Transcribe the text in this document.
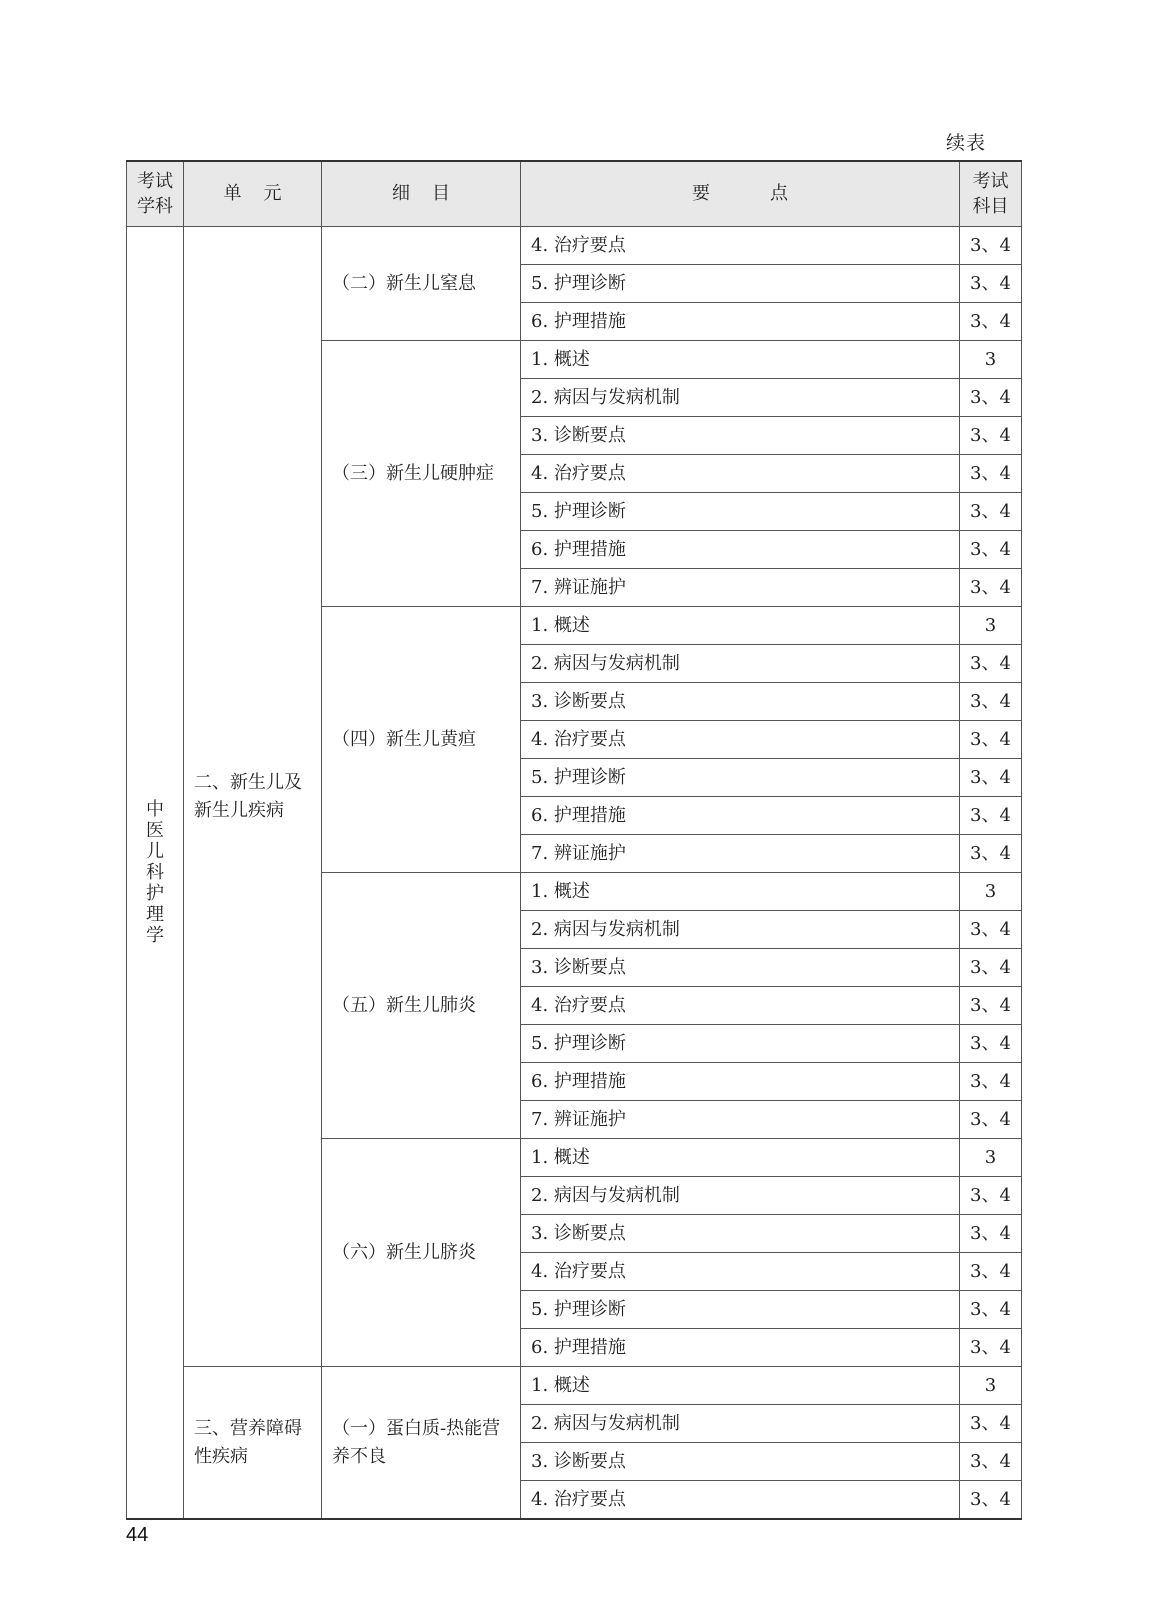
续表
考试学科	单元	细目	要点	考试科目
中医儿科护理学	二、新生儿及新生儿疾病	（二）新生儿窒息	4. 治疗要点	3、4
			5. 护理诊断	3、4
			6. 护理措施	3、4
		（三）新生儿硬肿症	1. 概述	3
			2. 病因与发病机制	3、4
			3. 诊断要点	3、4
			4. 治疗要点	3、4
			5. 护理诊断	3、4
			6. 护理措施	3、4
			7. 辨证施护	3、4
		（四）新生儿黄疸	1. 概述	3
			2. 病因与发病机制	3、4
			3. 诊断要点	3、4
			4. 治疗要点	3、4
			5. 护理诊断	3、4
			6. 护理措施	3、4
			7. 辨证施护	3、4
		（五）新生儿肺炎	1. 概述	3
			2. 病因与发病机制	3、4
			3. 诊断要点	3、4
			4. 治疗要点	3、4
			5. 护理诊断	3、4
			6. 护理措施	3、4
			7. 辨证施护	3、4
		（六）新生儿脐炎	1. 概述	3
			2. 病因与发病机制	3、4
			3. 诊断要点	3、4
			4. 治疗要点	3、4
			5. 护理诊断	3、4
			6. 护理措施	3、4
	三、营养障碍性疾病	（一）蛋白质-热能营养不良	1. 概述	3
			2. 病因与发病机制	3、4
			3. 诊断要点	3、4
			4. 治疗要点	3、4
44
